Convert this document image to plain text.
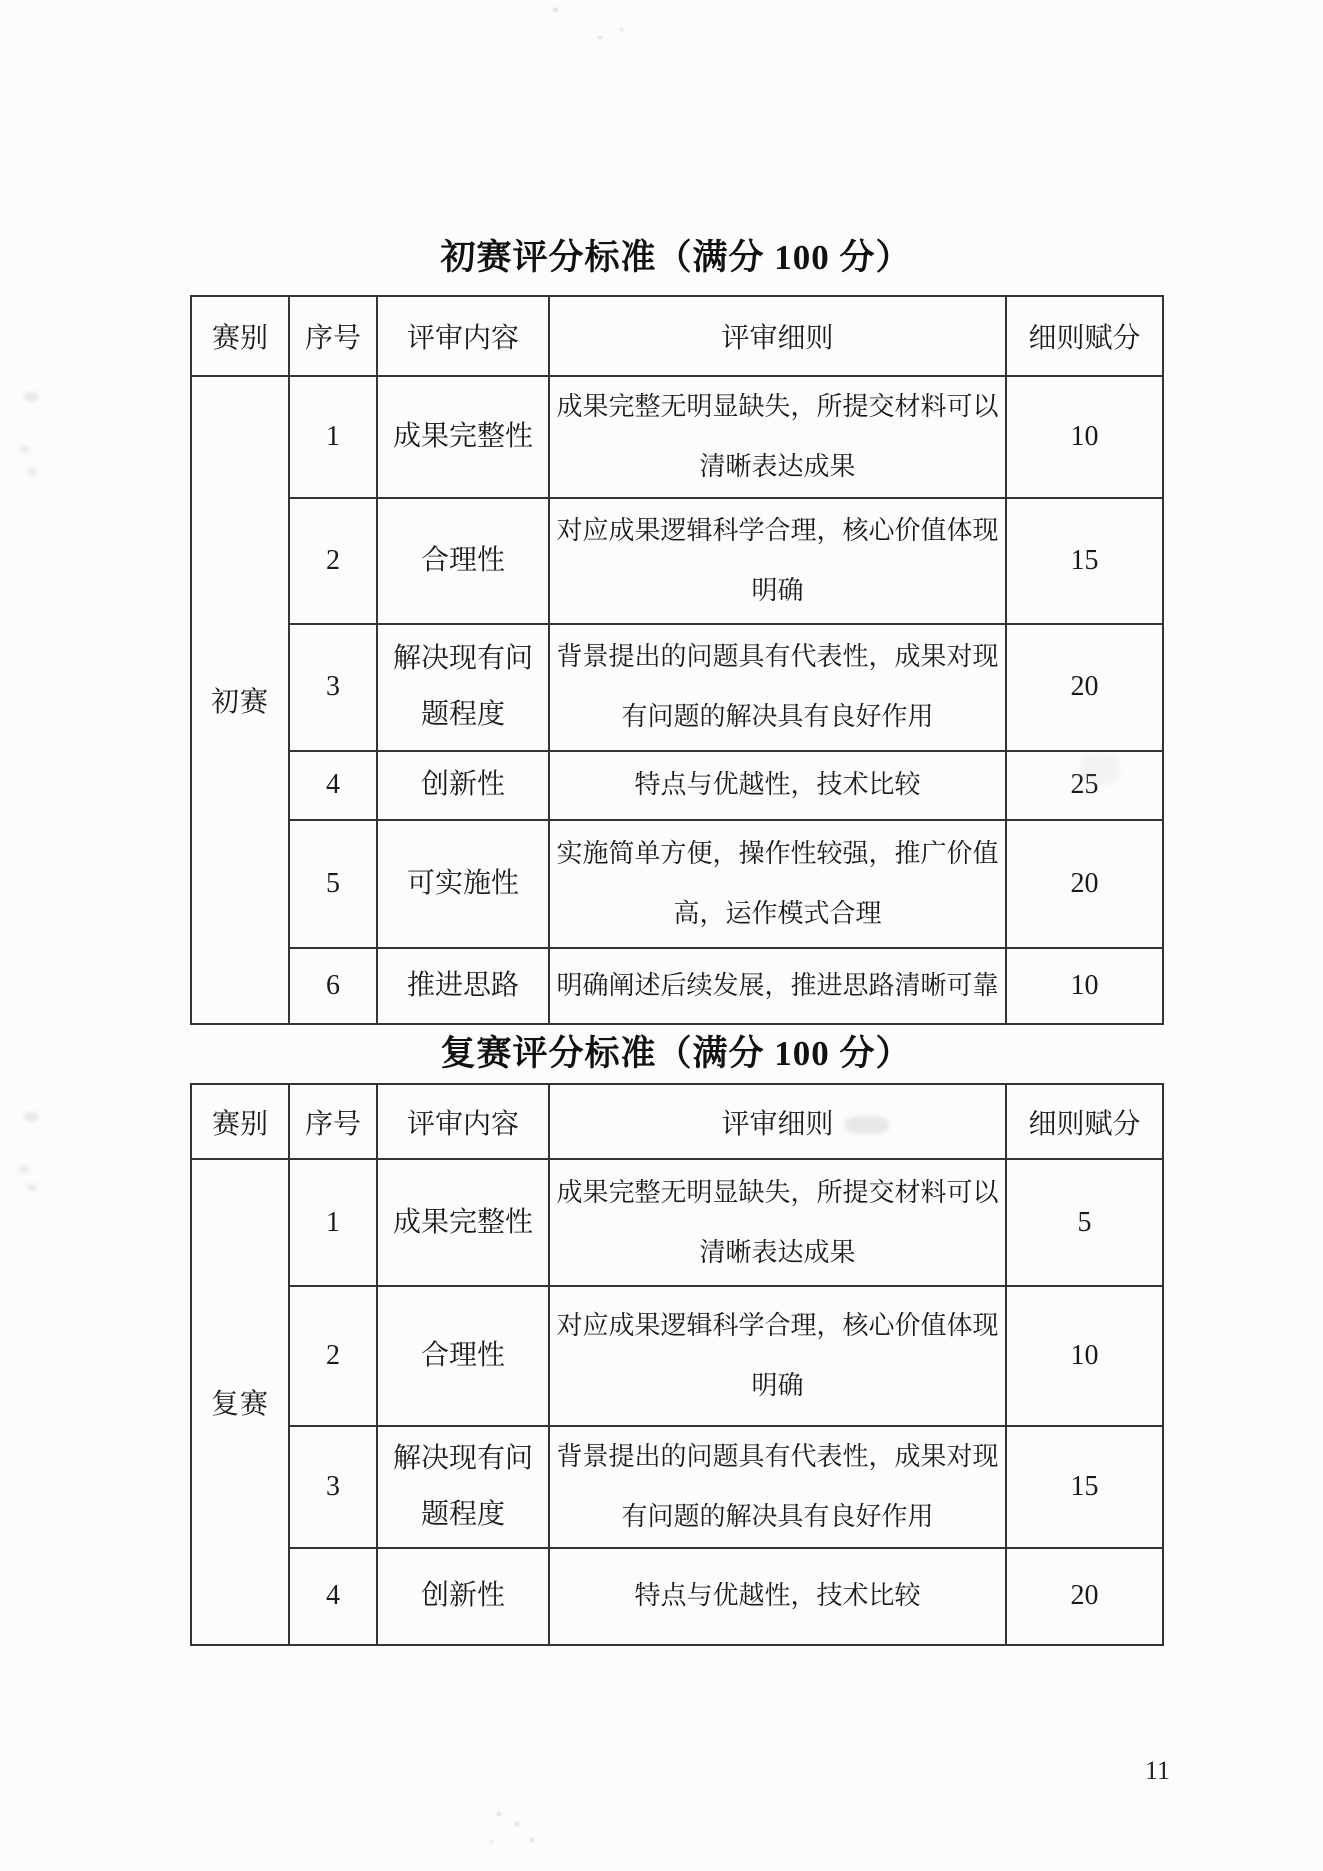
初赛评分标准（满分 100 分）
赛别	序号	评审内容	评审细则	细则赋分
初赛	1	成果完整性	成果完整无明显缺失，所提交材料可以
清晰表达成果	10
	2	合理性	对应成果逻辑科学合理，核心价值体现
明确	15
	3	解决现有问题程度	背景提出的问题具有代表性，成果对现
有问题的解决具有良好作用	20
	4	创新性	特点与优越性，技术比较	25
	5	可实施性	实施简单方便，操作性较强，推广价值
高，运作模式合理	20
	6	推进思路	明确阐述后续发展，推进思路清晰可靠	10
复赛评分标准（满分 100 分）
赛别	序号	评审内容	评审细则	细则赋分
复赛	1	成果完整性	成果完整无明显缺失，所提交材料可以
清晰表达成果	5
	2	合理性	对应成果逻辑科学合理，核心价值体现
明确	10
	3	解决现有问题程度	背景提出的问题具有代表性，成果对现
有问题的解决具有良好作用	15
	4	创新性	特点与优越性，技术比较	20
11
